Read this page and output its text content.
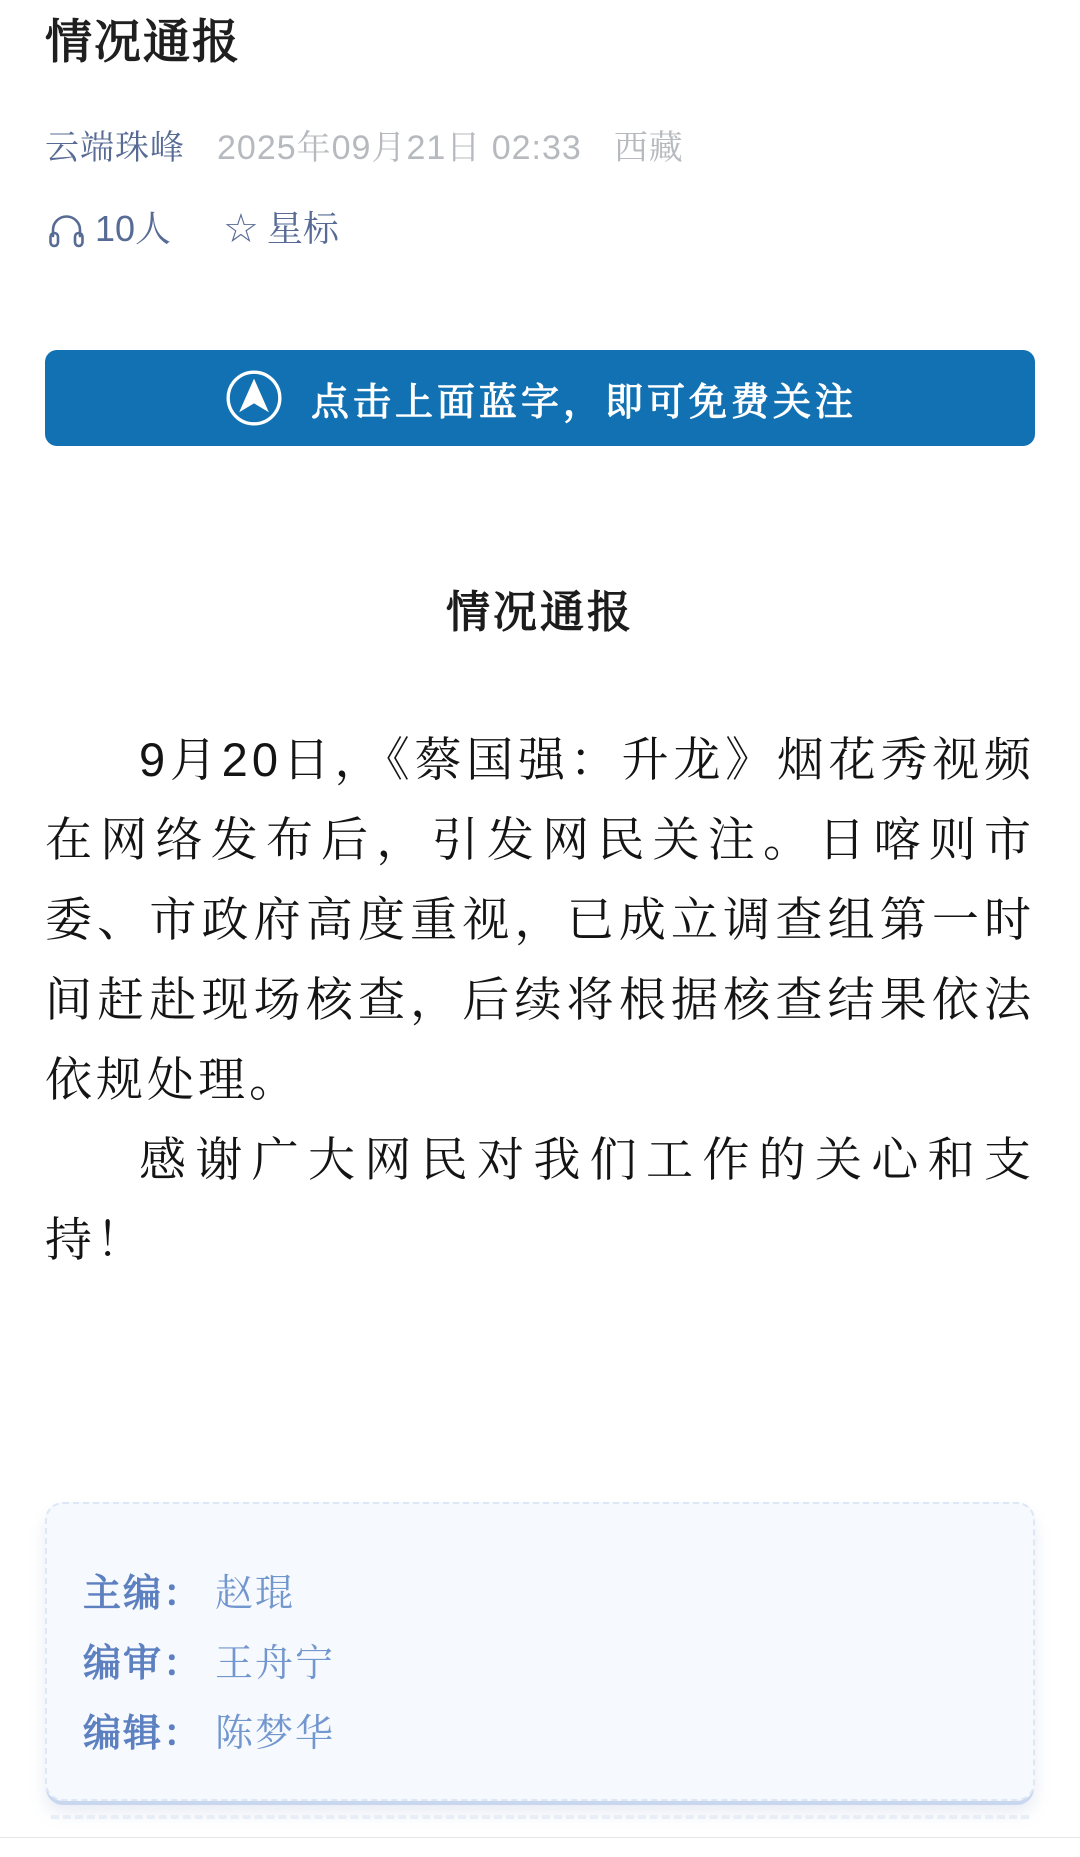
情况通报
云端珠峰 2025年09月21日 02:33 西藏
10人 ☆ 星标
点击上面蓝字，即可免费关注
情况通报

9月20日，《蔡国强：升龙》烟花秀视频在网络发布后，引发网民关注。日喀则市委、市政府高度重视，已成立调查组第一时间赶赴现场核查，后续将根据核查结果依法依规处理。

感谢广大网民对我们工作的关心和支持！

主编： 赵琨
编审： 王舟宁
编辑： 陈梦华
